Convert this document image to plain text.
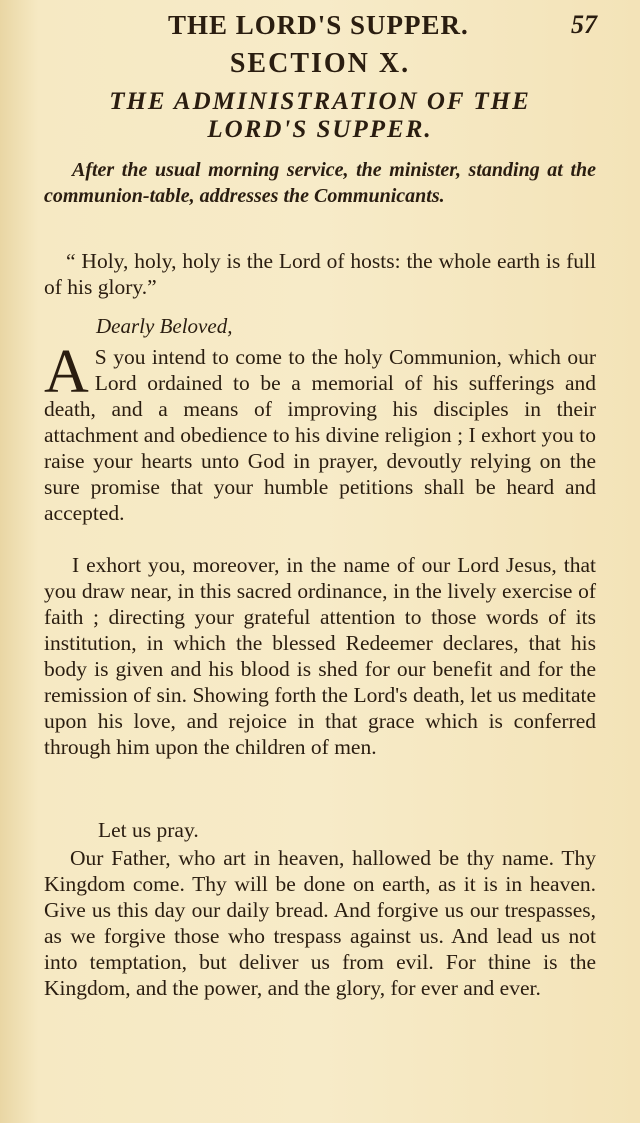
THE LORD'S SUPPER.	57
SECTION X.
THE ADMINISTRATION OF THE LORD'S SUPPER.
After the usual morning service, the minister, standing at the communion-table, addresses the Communicants.
“ Holy, holy, holy is the Lord of hosts: the whole earth is full of his glory.”
Dearly Beloved,
A S you intend to come to the holy Communion, which our Lord ordained to be a memorial of his sufferings and death, and a means of improving his disciples in their attachment and obedience to his divine religion ; I exhort you to raise your hearts unto God in prayer, devoutly relying on the sure promise that your humble petitions shall be heard and accepted.
I exhort you, moreover, in the name of our Lord Jesus, that you draw near, in this sacred ordinance, in the lively exercise of faith ; directing your grateful attention to those words of its institution, in which the blessed Redeemer declares, that his body is given and his blood is shed for our benefit and for the remission of sin. Showing forth the Lord's death, let us meditate upon his love, and rejoice in that grace which is conferred through him upon the children of men.
Let us pray.
Our Father, who art in heaven, hallowed be thy name. Thy Kingdom come. Thy will be done on earth, as it is in heaven. Give us this day our daily bread. And forgive us our trespasses, as we forgive those who trespass against us. And lead us not into temptation, but deliver us from evil. For thine is the Kingdom, and the power, and the glory, for ever and ever.
